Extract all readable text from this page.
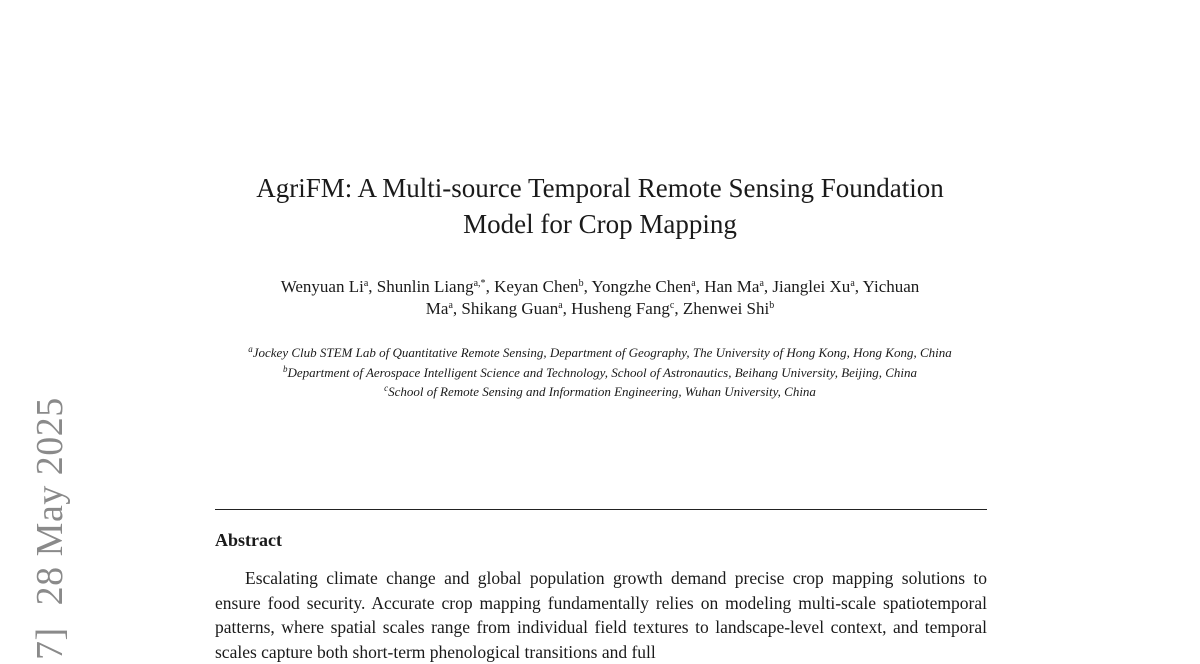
7]28 May 2025
AgriFM: A Multi-source Temporal Remote Sensing Foundation
Model for Crop Mapping
Wenyuan Li$^a$, Shunlin Liang$^{a,*}$, Keyan Chen$^b$, Yongzhe Chen$^a$, Han Ma$^a$, Jianglei Xu$^a$, Yichuan
Ma$^a$, Shikang Guan$^a$, Husheng Fang$^c$, Zhenwei Shi$^b$
$^a$Jockey Club STEM Lab of Quantitative Remote Sensing, Department of Geography, The University of Hong Kong, Hong Kong, China
$^b$Department of Aerospace Intelligent Science and Technology, School of Astronautics, Beihang University, Beijing, China
$^c$School of Remote Sensing and Information Engineering, Wuhan University, China
Abstract

Escalating climate change and global population growth demand precise crop mapping solutions to ensure food security. Accurate crop mapping fundamentally relies on modeling multi-scale spatiotemporal patterns, where spatial scales range from individual field textures to landscape-level context, and temporal scales capture both short-term phenological transitions and full
